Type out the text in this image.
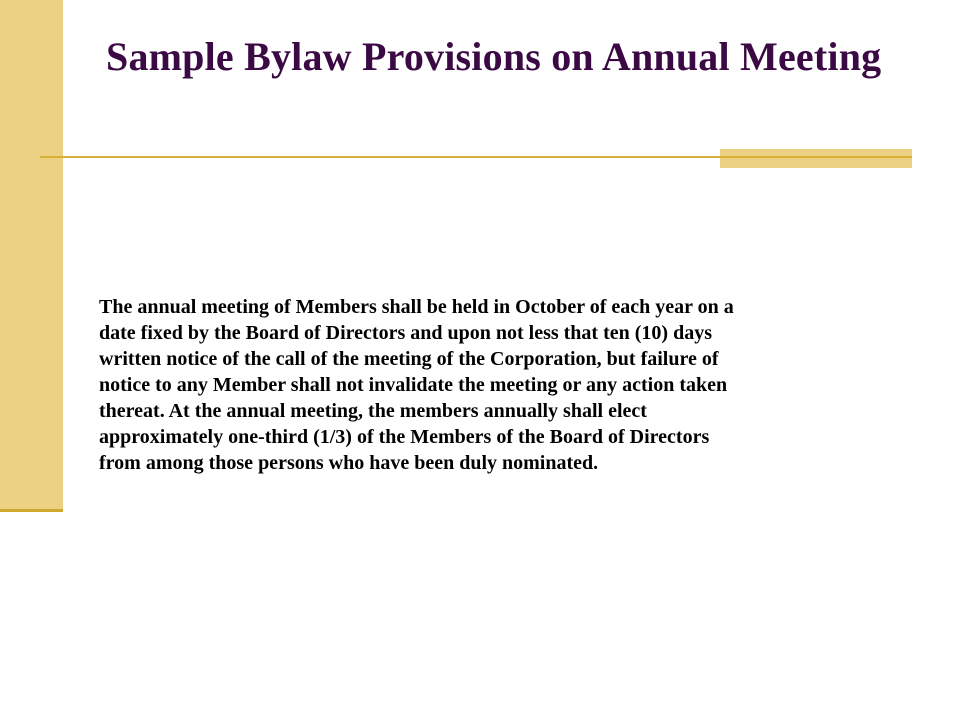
Sample Bylaw Provisions on Annual Meeting

The annual meeting of Members shall be held in October of each year on a
date fixed by the Board of Directors and upon not less that ten (10) days
written notice of the call of the meeting of the Corporation, but failure of
notice to any Member shall not invalidate the meeting or any action taken
thereat. At the annual meeting, the members annually shall elect
approximately one-third (1/3) of the Members of the Board of Directors
from among those persons who have been duly nominated.
